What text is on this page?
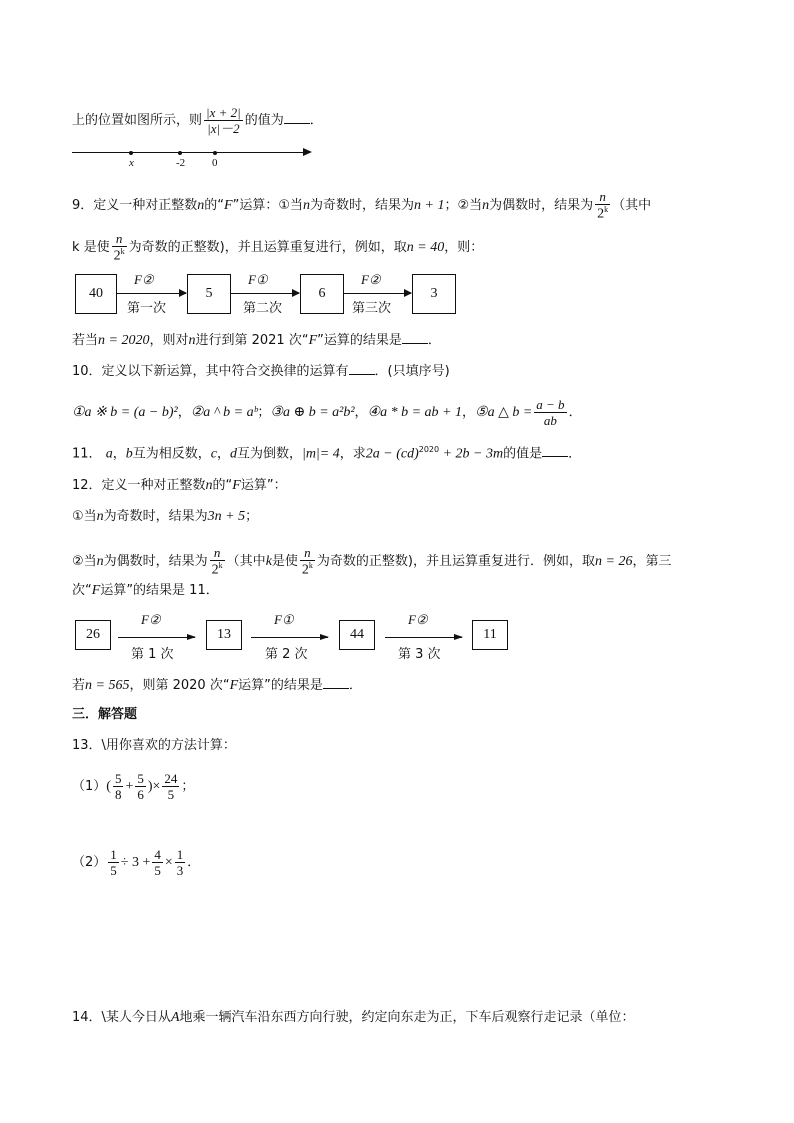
上的位置如图所示，则 $\frac{|x + 2|}{|x|-2}$ 的值为 ．
x	-2 0
9．定义一种对正整数n的“F”运算：①当n为奇数时，结果为n + 1；②当n为偶数时，结果为 $\frac{n}{2^k}$ （其中
k 是使 $\frac{n}{2^k}$ 为奇数的正整数)，并且运算重复进行，例如，取n = 40，则：
40	5	6	3
F②	F①	F②
第一次	第二次	第三次
若当n = 2020，则对n进行到第 2021 次“F”运算的结果是 ．
10．定义以下新运算，其中符合交换律的运算有 ．(只填序号)
①a ※ b = (a − b)²，②a ^ b = aᵇ；③a ⊕ b = a²b²，④a * b = ab + 1，⑤a △ $b = \frac{a - b}{ab}$ ．
11． a，b互为相反数，c，d互为倒数，|m|= 4，求2a − (cd)$^{2020}$ + 2b − 3m的值是 ．
12．定义一种对正整数n的“F运算”：
①当n为奇数时，结果为3n + 5；
②当n为偶数时，结果为 $\frac{n}{2^k}$ （其中k是使 $\frac{n}{2^k}$ 为奇数的正整数)，并且运算重复进行．例如，取n = 26，第三
次“F运算”的结果是 11．
26	13	44	11
F②	F①	F②
第 1 次	第 2 次	第 3 次
若n = 565，则第 2020 次“F运算”的结果是 ．
三．解答题
13．\用你喜欢的方法计算：
$(1)( \frac{5}{8} + \frac{5}{6}$ )× $\frac{24}{5}$ ；
$(2) \frac{1}{5} \div 3 + \frac{4}{5} \times \frac{1}{3}$ ．
14．\某人今日从A地乘一辆汽车沿东西方向行驶，约定向东走为正，下车后观察行走记录（单位：
